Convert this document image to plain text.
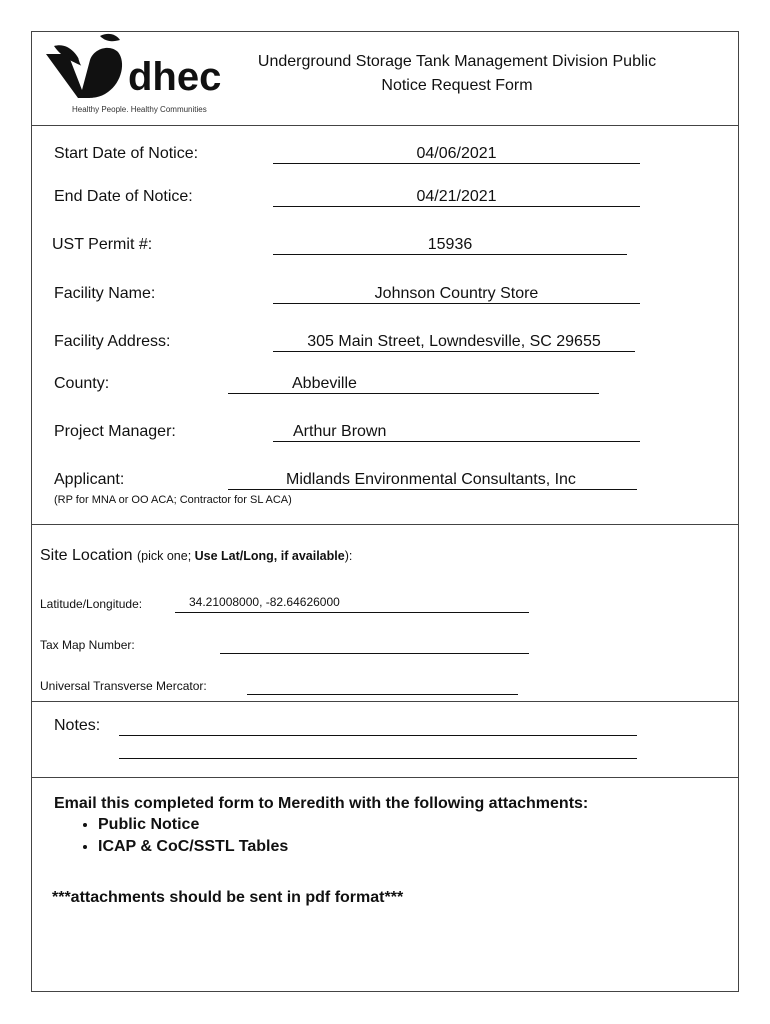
dhec
Healthy People. Healthy Communities
Underground Storage Tank Management Division Public
Notice Request Form
Start Date of Notice:	04/06/2021
End Date of Notice:	04/21/2021
UST Permit #:	15936
Facility Name:	Johnson Country Store
Facility Address:	305 Main Street, Lowndesville, SC 29655
County:	Abbeville
Project Manager:	Arthur Brown
Applicant:	Midlands Environmental Consultants, Inc
(RP for MNA or OO ACA; Contractor for SL ACA)
Site Location (pick one; Use Lat/Long, if available):
Latitude/Longitude:	34.21008000, -82.64626000
Tax Map Number:
Universal Transverse Mercator:
Notes:
Email this completed form to Meredith with the following attachments:
• Public Notice
• ICAP & CoC/SSTL Tables
***attachments should be sent in pdf format***
